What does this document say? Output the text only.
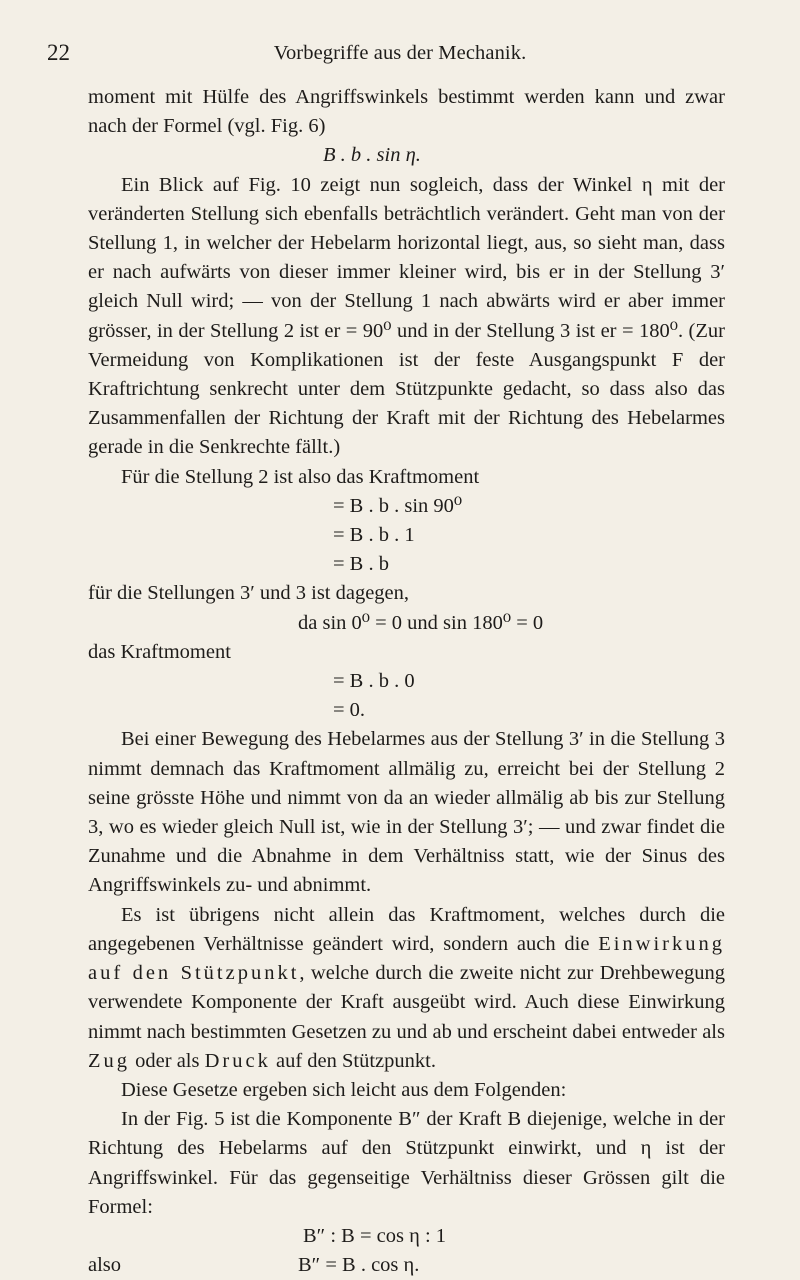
22	Vorbegriffe aus der Mechanik.

moment mit Hülfe des Angriffswinkels bestimmt werden kann und zwar nach der Formel (vgl. Fig. 6)

B . b . sin η.

Ein Blick auf Fig. 10 zeigt nun sogleich, dass der Winkel η mit der veränderten Stellung sich ebenfalls beträchtlich verändert. Geht man von der Stellung 1, in welcher der Hebelarm horizontal liegt, aus, so sieht man, dass er nach aufwärts von dieser immer kleiner wird, bis er in der Stellung 3′ gleich Null wird; — von der Stellung 1 nach abwärts wird er aber immer grösser, in der Stellung 2 ist er = 90⁰ und in der Stellung 3 ist er = 180⁰. (Zur Vermeidung von Komplikationen ist der feste Ausgangspunkt F der Kraftrichtung senkrecht unter dem Stützpunkte gedacht, so dass also das Zusammenfallen der Richtung der Kraft mit der Richtung des Hebelarmes gerade in die Senkrechte fällt.)

Für die Stellung 2 ist also das Kraftmoment

= B . b . sin 90⁰
= B . b . 1
= B . b

für die Stellungen 3′ und 3 ist dagegen,

da sin 0⁰ = 0 und sin 180⁰ = 0

das Kraftmoment

= B . b . 0
= 0.

Bei einer Bewegung des Hebelarmes aus der Stellung 3′ in die Stellung 3 nimmt demnach das Kraftmoment allmälig zu, erreicht bei der Stellung 2 seine grösste Höhe und nimmt von da an wieder allmälig ab bis zur Stellung 3, wo es wieder gleich Null ist, wie in der Stellung 3′; — und zwar findet die Zunahme und die Abnahme in dem Verhältniss statt, wie der Sinus des Angriffswinkels zu- und abnimmt.

Es ist übrigens nicht allein das Kraftmoment, welches durch die angegebenen Verhältnisse geändert wird, sondern auch die Einwirkung auf den Stützpunkt, welche durch die zweite nicht zur Drehbewegung verwendete Komponente der Kraft ausgeübt wird. Auch diese Einwirkung nimmt nach bestimmten Gesetzen zu und ab und erscheint dabei entweder als Zug oder als Druck auf den Stützpunkt.

Diese Gesetze ergeben sich leicht aus dem Folgenden:

In der Fig. 5 ist die Komponente B″ der Kraft B diejenige, welche in der Richtung des Hebelarms auf den Stützpunkt einwirkt, und η ist der Angriffswinkel. Für das gegenseitige Verhältniss dieser Grössen gilt die Formel:

B″ : B = cos η : 1
also	B″ = B . cos η.
